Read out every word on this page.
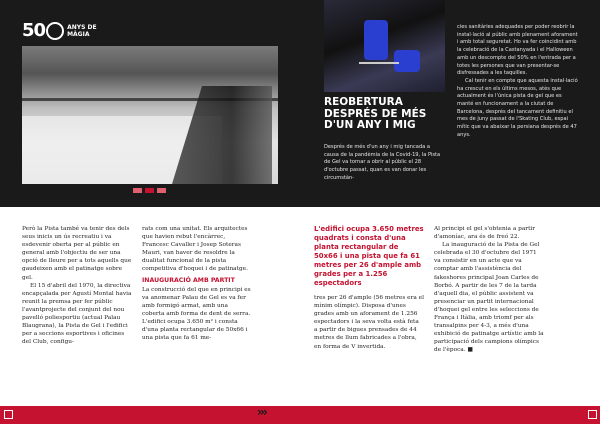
50	ANYS DE
MÀGIA
REOBERTURA DESPRÉS DE MÉS D'UN ANY I MIG
Després de més d'un any i mig tancada a causa de la pandèmia de la Covid-19, la Pista de Gel va tornar a obrir al públic el 28 d'octubre passat, quan es van donar les circumstàn-

cies sanitàries adequades per poder reobrir la instal·lació al públic amb plenament aforament i amb total seguretat. Ho va fer coincidint amb la celebració de la Castanyada i el Halloween amb un descompte del 50% en l'entrada per a totes les persones que van presentar-se disfressades a les taquilles.

Cal tenir en compte que aquesta instal·lació ha crescut en els últims mesos, atès que actualment és l'única pista de gel que es manté en funcionament a la ciutat de Barcelona, després del tancament definitiu el mes de juny passat de l'Skating Club, espai mític que va abaixar la persiana després de 47 anys.

Però la Pista també va tenir des dels seus inicis un ús recreatiu i va esdevenir oberta per al públic en general amb l'objectiu de ser una opció de lleure per a tots aquells que gaudeixen amb el patinatge sobre gel.

El 15 d'abril del 1970, la directiva encapçalada per Agustí Montal havia reunit la premsa per fer públic l'avantprojecte del conjunt del nou pavelló poliesportiu (actual Palau Blaugrana), la Pista de Gel i l'edifici per a seccions esportives i oficines del Club, configu-

rats com una unitat. Els arquitectes que havien rebut l'encàrrec, Francesc Cavaller i Josep Soteras Mauri, van haver de resoldre la dualitat funcional de la pista competitiva d'hoquei i de patinatge.

INAUGURACIÓ AMB PARTIT

La construcció del que en principi es va anomenar Palau de Gel es va fer amb formigó armat, amb una coberta amb forma de dent de serra. L'edifici ocupa 3.650 m² i consta d'una planta rectangular de 50x66 i una pista que fa 61 me-

L'edifici ocupa 3.650 metres quadrats i consta d'una planta rectangular de 50x66 i una pista que fa 61 metres per 26 d'ample amb grades per a 1.256 espectadors

tres per 26 d'ample (56 metres era el mínim olímpic). Disposa d'unes grades amb un aforament de 1.256 espectadors i la seva volta està feta a partir de bigues prensades de 44 metres de llum fabricades a l'obra, en forma de V invertida.

Al principi el gel s'obtenia a partir d'amoníac, ara és de freó 22.

La inauguració de la Pista de Gel celebrada el 30 d'octubre del 1971 va consistir en un acte que va comptar amb l'assistència del fakeshores principal Joan Carles de Borbó. A partir de les 7 de la tarda d'aquell dia, el públic assistent va presenciar un partit internacional d'hoquei gel entre les seleccions de França i Itàlia, amb triomf per als transalpins per 4-3, a més d'una exhibició de patinatge artístic amb la participació dels campions olímpics de l'època. ■

›››
